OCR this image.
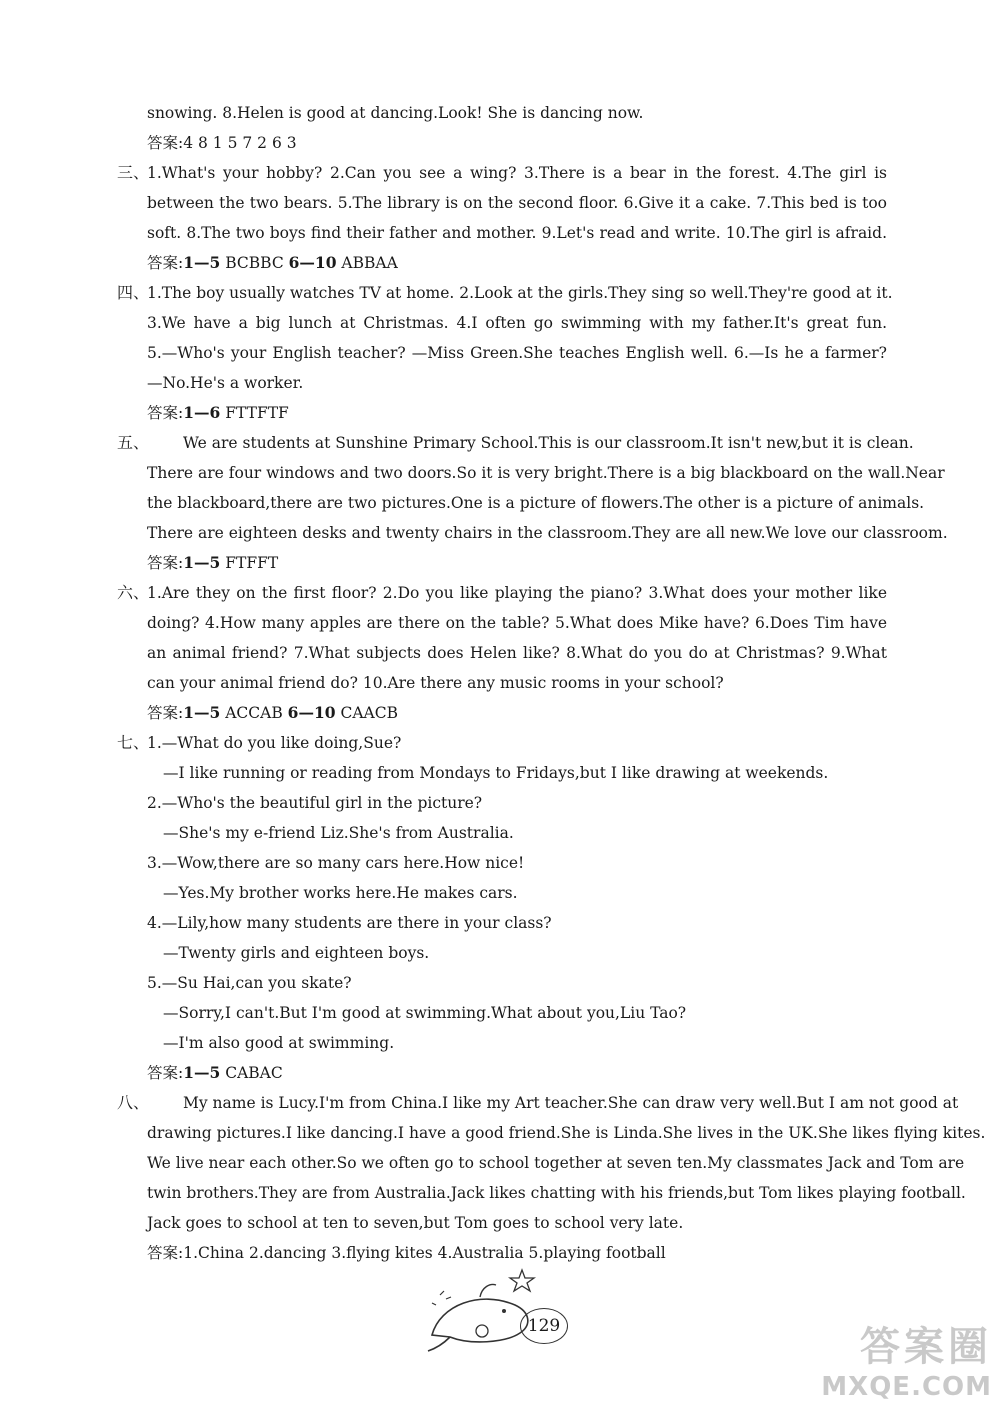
snowing. 8.Helen is good at dancing.Look! She is dancing now.
答案:4 8 1 5 7 2 6 3
三、
1.What's your hobby? 2.Can you see a wing? 3.There is a bear in the forest. 4.The girl is
between the two bears. 5.The library is on the second floor. 6.Give it a cake. 7.This bed is too
soft. 8.The two boys find their father and mother. 9.Let's read and write. 10.The girl is afraid.
答案:1—5 BCBBC 6—10 ABBAA
四、
1.The boy usually watches TV at home. 2.Look at the girls.They sing so well.They're good at it.
3.We have a big lunch at Christmas. 4.I often go swimming with my father.It's great fun.
5.—Who's your English teacher? —Miss Green.She teaches English well. 6.—Is he a farmer?
—No.He's a worker.
答案:1—6 FTTFTF
五、 We are students at Sunshine Primary School.This is our classroom.It isn't new,but it is clean.
There are four windows and two doors.So it is very bright.There is a big blackboard on the wall.Near
the blackboard,there are two pictures.One is a picture of flowers.The other is a picture of animals.
There are eighteen desks and twenty chairs in the classroom.They are all new.We love our classroom.
答案:1—5 FTFFT
六、
1.Are they on the first floor? 2.Do you like playing the piano? 3.What does your mother like
doing? 4.How many apples are there on the table? 5.What does Mike have? 6.Does Tim have
an animal friend? 7.What subjects does Helen like? 8.What do you do at Christmas? 9.What
can your animal friend do? 10.Are there any music rooms in your school?
答案:1—5 ACCAB 6—10 CAACB
七、
1.—What do you like doing,Sue?
—I like running or reading from Mondays to Fridays,but I like drawing at weekends.
2.—Who's the beautiful girl in the picture?
—She's my e-friend Liz.She's from Australia.
3.—Wow,there are so many cars here.How nice!
—Yes.My brother works here.He makes cars.
4.—Lily,how many students are there in your class?
—Twenty girls and eighteen boys.
5.—Su Hai,can you skate?
—Sorry,I can't.But I'm good at swimming.What about you,Liu Tao?
—I'm also good at swimming.
答案:1—5 CABAC
八、 My name is Lucy.I'm from China.I like my Art teacher.She can draw very well.But I am not good at
drawing pictures.I like dancing.I have a good friend.She is Linda.She lives in the UK.She likes flying kites.
We live near each other.So we often go to school together at seven ten.My classmates Jack and Tom are
twin brothers.They are from Australia.Jack likes chatting with his friends,but Tom likes playing football.
Jack goes to school at ten to seven,but Tom goes to school very late.
答案:1.China 2.dancing 3.flying kites 4.Australia 5.playing football
129	答案圈
MXQE.COM
